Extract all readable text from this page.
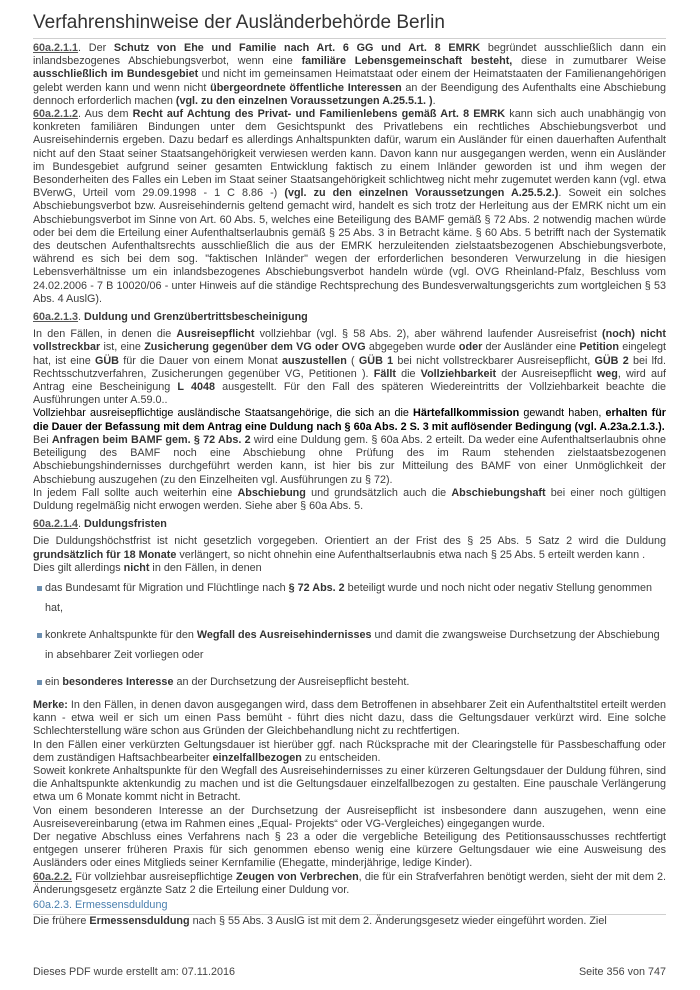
Verfahrenshinweise der Ausländerbehörde Berlin

60a.2.1.1. Der Schutz von Ehe und Familie nach Art. 6 GG und Art. 8 EMRK begründet ausschließlich dann ein inlandsbezogenes Abschiebungsverbot, wenn eine familiäre Lebensgemeinschaft besteht, diese in zumutbarer Weise ausschließlich im Bundesgebiet und nicht im gemeinsamen Heimatstaat oder einem der Heimatstaaten der Familienangehörigen gelebt werden kann und wenn nicht übergeordnete öffentliche Interessen an der Beendigung des Aufenthalts eine Abschiebung dennoch erforderlich machen (vgl. zu den einzelnen Voraussetzungen A.25.5.1. ).

60a.2.1.2. Aus dem Recht auf Achtung des Privat- und Familienlebens gemäß Art. 8 EMRK kann sich auch unabhängig von konkreten familiären Bindungen unter dem Gesichtspunkt des Privatlebens ein rechtliches Abschiebungsverbot und Ausreisehindernis ergeben. Dazu bedarf es allerdings Anhaltspunkten dafür, warum ein Ausländer für einen dauerhaften Aufenthalt nicht auf den Staat seiner Staatsangehörigkeit verwiesen werden kann. Davon kann nur ausgegangen werden, wenn ein Ausländer im Bundesgebiet aufgrund seiner gesamten Entwicklung faktisch zu einem Inländer geworden ist und ihm wegen der Besonderheiten des Falles ein Leben im Staat seiner Staatsangehörigkeit schlichtweg nicht mehr zugemutet werden kann (vgl. etwa BVerwG, Urteil vom 29.09.1998 - 1 C 8.86 -) (vgl. zu den einzelnen Voraussetzungen A.25.5.2.). Soweit ein solches Abschiebungsverbot bzw. Ausreisehindernis geltend gemacht wird, handelt es sich trotz der Herleitung aus der EMRK nicht um ein Abschiebungsverbot im Sinne von Art. 60 Abs. 5, welches eine Beteiligung des BAMF gemäß § 72 Abs. 2 notwendig machen würde oder bei dem die Erteilung einer Aufenthaltserlaubnis gemäß § 25 Abs. 3 in Betracht käme. § 60 Abs. 5 betrifft nach der Systematik des deutschen Aufenthaltsrechts ausschließlich die aus der EMRK herzuleitenden zielstaatsbezogenen Abschiebungsverbote, während es sich bei dem sog. "faktischen Inländer" wegen der erforderlichen besonderen Verwurzelung in die hiesigen Lebensverhältnisse um ein inlandsbezogenes Abschiebungsverbot handeln würde (vgl. OVG Rheinland-Pfalz, Beschluss vom 24.02.2006 - 7 B 10020/06 - unter Hinweis auf die ständige Rechtsprechung des Bundesverwaltungsgerichts zum wortgleichen § 53 Abs. 4 AuslG).

60a.2.1.3. Duldung und Grenzübertrittsbescheinigung

In den Fällen, in denen die Ausreisepflicht vollziehbar (vgl. § 58 Abs. 2), aber während laufender Ausreisefrist (noch) nicht vollstreckbar ist, eine Zusicherung gegenüber dem VG oder OVG abgegeben wurde oder der Ausländer eine Petition eingelegt hat, ist eine GÜB für die Dauer von einem Monat auszustellen ( GÜB 1 bei nicht vollstreckbarer Ausreisepflicht, GÜB 2 bei lfd. Rechtsschutzverfahren, Zusicherungen gegenüber VG, Petitionen ). Fällt die Vollziehbarkeit der Ausreisepflicht weg, wird auf Antrag eine Bescheinigung L 4048 ausgestellt. Für den Fall des späteren Wiedereintritts der Vollziehbarkeit beachte die Ausführungen unter A.59.0..

Vollziehbar ausreisepflichtige ausländische Staatsangehörige, die sich an die Härtefallkommission gewandt haben, erhalten für die Dauer der Befassung mit dem Antrag eine Duldung nach § 60a Abs. 2 S. 3 mit auflösender Bedingung (vgl. A.23a.2.1.3.).

Bei Anfragen beim BAMF gem. § 72 Abs. 2 wird eine Duldung gem. § 60a Abs. 2 erteilt. Da weder eine Aufenthaltserlaubnis ohne Beteiligung des BAMF noch eine Abschiebung ohne Prüfung des im Raum stehenden zielstaatsbezogenen Abschiebungshindernisses durchgeführt werden kann, ist hier bis zur Mitteilung des BAMF von einer Unmöglichkeit der Abschiebung auszugehen (zu den Einzelheiten vgl. Ausführungen zu § 72).

In jedem Fall sollte auch weiterhin eine Abschiebung und grundsätzlich auch die Abschiebungshaft bei einer noch gültigen Duldung regelmäßig nicht erwogen werden. Siehe aber § 60a Abs. 5.

60a.2.1.4. Duldungsfristen

Die Duldungshöchstfrist ist nicht gesetzlich vorgegeben. Orientiert an der Frist des § 25 Abs. 5 Satz 2 wird die Duldung grundsätzlich für 18 Monate verlängert, so nicht ohnehin eine Aufenthaltserlaubnis etwa nach § 25 Abs. 5 erteilt werden kann .

Dies gilt allerdings nicht in den Fällen, in denen

das Bundesamt für Migration und Flüchtlinge nach § 72 Abs. 2 beteiligt wurde und noch nicht oder negativ Stellung genommen hat,
konkrete Anhaltspunkte für den Wegfall des Ausreisehindernisses und damit die zwangsweise Durchsetzung der Abschiebung in absehbarer Zeit vorliegen oder
ein besonderes Interesse an der Durchsetzung der Ausreisepflicht besteht.

Merke: In den Fällen, in denen davon ausgegangen wird, dass dem Betroffenen in absehbarer Zeit ein Aufenthaltstitel erteilt werden kann - etwa weil er sich um einen Pass bemüht - führt dies nicht dazu, dass die Geltungsdauer verkürzt wird. Eine solche Schlechterstellung wäre schon aus Gründen der Gleichbehandlung nicht zu rechtfertigen.

In den Fällen einer verkürzten Geltungsdauer ist hierüber ggf. nach Rücksprache mit der Clearingstelle für Passbeschaffung oder dem zuständigen Haftsachbearbeiter einzelfallbezogen zu entscheiden.

Soweit konkrete Anhaltspunkte für den Wegfall des Ausreisehindernisses zu einer kürzeren Geltungsdauer der Duldung führen, sind die Anhaltspunkte aktenkundig zu machen und ist die Geltungsdauer einzelfallbezogen zu gestalten. Eine pauschale Verlängerung etwa um 6 Monate kommt nicht in Betracht.

Von einem besonderen Interesse an der Durchsetzung der Ausreisepflicht ist insbesondere dann auszugehen, wenn eine Ausreisevereinbarung (etwa im Rahmen eines „Equal- Projekts“ oder VG-Vergleiches) eingegangen wurde.

Der negative Abschluss eines Verfahrens nach § 23 a oder die vergebliche Beteiligung des Petitionsausschusses rechtfertigt entgegen unserer früheren Praxis für sich genommen ebenso wenig eine kürzere Geltungsdauer wie eine Ausweisung des Ausländers oder eines Mitglieds seiner Kernfamilie (Ehegatte, minderjährige, ledige Kinder).

60a.2.2. Für vollziehbar ausreisepflichtige Zeugen von Verbrechen, die für ein Strafverfahren benötigt werden, sieht der mit dem 2. Änderungsgesetz ergänzte Satz 2 die Erteilung einer Duldung vor.

60a.2.3. Ermessensduldung

Die frühere Ermessensduldung nach § 55 Abs. 3 AuslG ist mit dem 2. Änderungsgesetz wieder eingeführt worden. Ziel

Dieses PDF wurde erstellt am: 07.11.2016	Seite 356 von 747
